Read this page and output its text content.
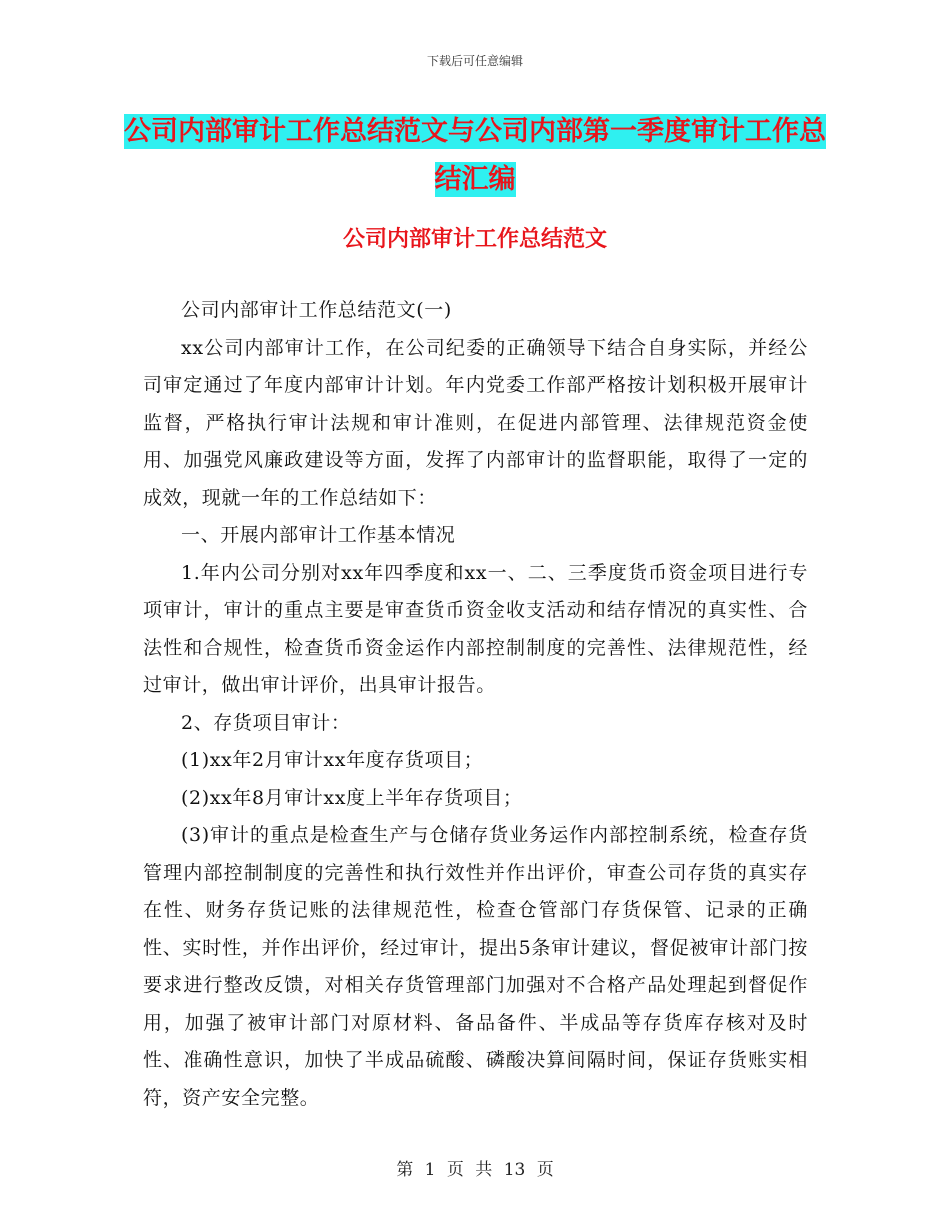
下载后可任意编辑
公司内部审计工作总结范文与公司内部第一季度审计工作总结汇编
公司内部审计工作总结范文

公司内部审计工作总结范文(一)

xx公司内部审计工作，在公司纪委的正确领导下结合自身实际，并经公司审定通过了年度内部审计计划。年内党委工作部严格按计划积极开展审计监督，严格执行审计法规和审计准则，在促进内部管理、法律规范资金使用、加强党风廉政建设等方面，发挥了内部审计的监督职能，取得了一定的成效，现就一年的工作总结如下：

一、开展内部审计工作基本情况

1.年内公司分别对xx年四季度和xx一、二、三季度货币资金项目进行专项审计，审计的重点主要是审查货币资金收支活动和结存情况的真实性、合法性和合规性，检查货币资金运作内部控制制度的完善性、法律规范性，经过审计，做出审计评价，出具审计报告。

2、存货项目审计：

(1)xx年2月审计xx年度存货项目；

(2)xx年8月审计xx度上半年存货项目；

(3)审计的重点是检查生产与仓储存货业务运作内部控制系统，检查存货管理内部控制制度的完善性和执行效性并作出评价，审查公司存货的真实存在性、财务存货记账的法律规范性，检查仓管部门存货保管、记录的正确性、实时性，并作出评价，经过审计，提出5条审计建议，督促被审计部门按要求进行整改反馈，对相关存货管理部门加强对不合格产品处理起到督促作用，加强了被审计部门对原材料、备品备件、半成品等存货库存核对及时性、准确性意识，加快了半成品硫酸、磷酸决算间隔时间，保证存货账实相符，资产安全完整。

第 1 页 共 13 页
